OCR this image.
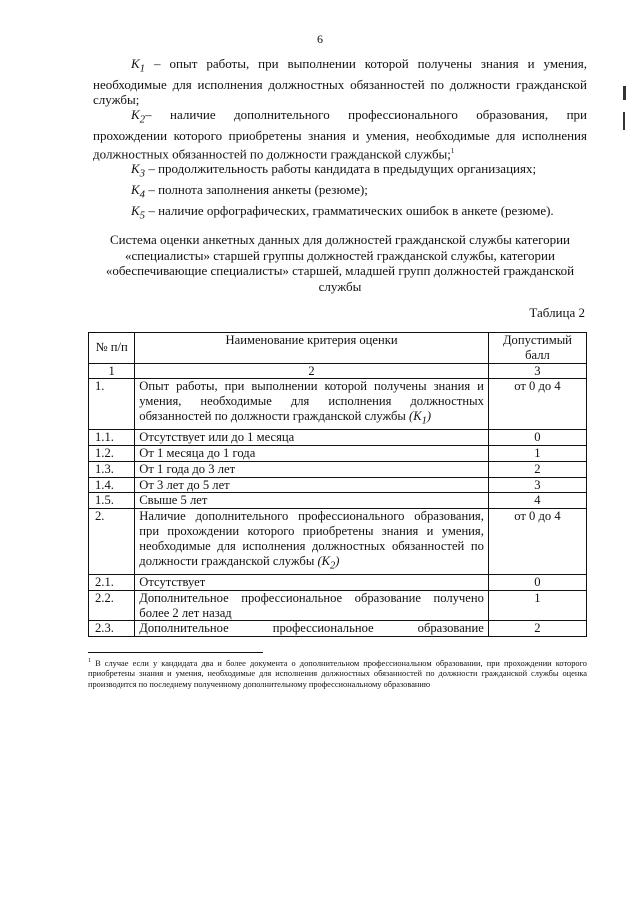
6

$K_1$ – опыт работы, при выполнении которой получены знания и умения, необходимые для исполнения должностных обязанностей по должности гражданской службы;

$K_2-$ наличие дополнительного профессионального образования, при прохождении которого приобретены знания и умения, необходимые для исполнения должностных обязанностей по должности гражданской службы;$^1$

$K_3$ – продолжительность работы кандидата в предыдущих организациях;

$K_4$ – полнота заполнения анкеты (резюме);

$K_5$ – наличие орфографических, грамматических ошибок в анкете (резюме).

Система оценки анкетных данных для должностей гражданской службы категории «специалисты» старшей группы должностей гражданской службы, категории «обеспечивающие специалисты» старшей, младшей групп должностей гражданской службы
Таблица 2
№ п/п	Наименование критерия оценки	Допустимый балл
1	2	3
1.	Опыт работы, при выполнении которой получены знания и умения, необходимые для исполнения должностных обязанностей по должности гражданской службы $(K_1)$	от 0 до 4
1.1.	Отсутствует или до 1 месяца	0
1.2.	От 1 месяца до 1 года	1
1.3.	От 1 года до 3 лет	2
1.4.	От 3 лет до 5 лет	3
1.5.	Свыше 5 лет	4
2.	Наличие дополнительного профессионального образования, при прохождении которого приобретены знания и умения, необходимые для исполнения должностных обязанностей по должности гражданской службы $(K_2)$	от 0 до 4
2.1.	Отсутствует	0
2.2.	Дополнительное профессиональное образование получено более 2 лет назад	1
2.3.	Дополнительное профессиональное образование	2
$^1$ В случае если у кандидата два и более документа о дополнительном профессиональном образовании, при прохождении которого приобретены знания и умения, необходимые для исполнения должностных обязанностей по должности гражданской службы оценка производится по последнему полученному дополнительному профессиональному образованию
